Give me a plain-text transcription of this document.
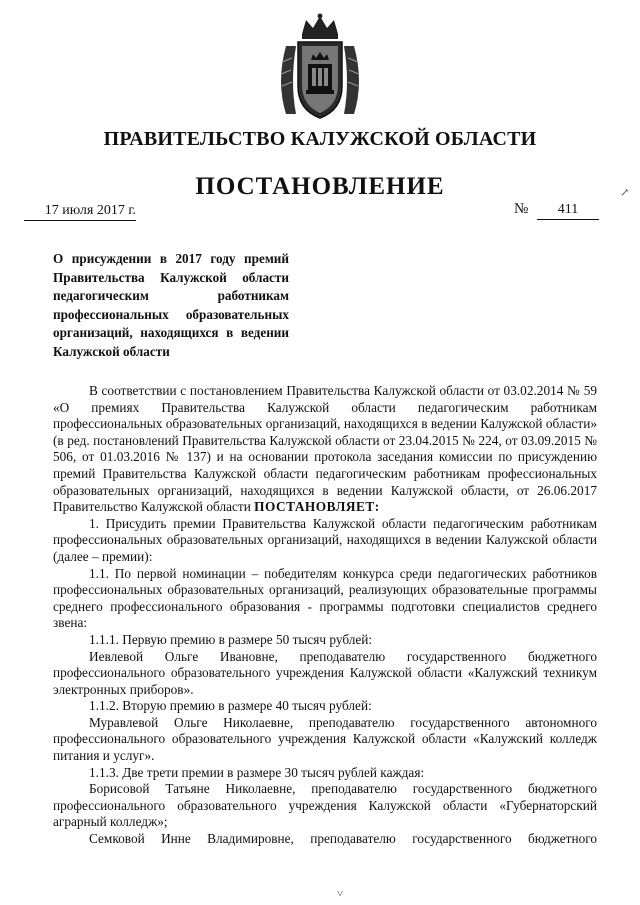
ПРАВИТЕЛЬСТВО КАЛУЖСКОЙ ОБЛАСТИ
ПОСТАНОВЛЕНИЕ
17 июля 2017 г.	№	411
↗
О присуждении в 2017 году премий Правительства Калужской области педагогическим работникам профессиональных образовательных организаций, находящихся в ведении Калужской области

В соответствии с постановлением Правительства Калужской области от 03.02.2014 № 59 «О премиях Правительства Калужской области педагогическим работникам профессиональных образовательных организаций, находящихся в ведении Калужской области» (в ред. постановлений Правительства Калужской области от 23.04.2015 № 224, от 03.09.2015 № 506, от 01.03.2016 № 137) и на основании протокола заседания комиссии по присуждению премий Правительства Калужской области педагогическим работникам профессиональных образовательных организаций, находящихся в ведении Калужской области, от 26.06.2017 Правительство Калужской области ПОСТАНОВЛЯЕТ:

1. Присудить премии Правительства Калужской области педагогическим работникам профессиональных образовательных организаций, находящихся в ведении Калужской области (далее – премии):

1.1. По первой номинации – победителям конкурса среди педагогических работников профессиональных образовательных организаций, реализующих образовательные программы среднего профессионального образования - программы подготовки специалистов среднего звена:

1.1.1. Первую премию в размере 50 тысяч рублей:

Иевлевой Ольге Ивановне, преподавателю государственного бюджетного профессионального образовательного учреждения Калужской области «Калужский техникум электронных приборов».

1.1.2. Вторую премию в размере 40 тысяч рублей:

Муравлевой Ольге Николаевне, преподавателю государственного автономного профессионального образовательного учреждения Калужской области «Калужский колледж питания и услуг».

1.1.3. Две трети премии в размере 30 тысяч рублей каждая:

Борисовой Татьяне Николаевне, преподавателю государственного бюджетного профессионального образовательного учреждения Калужской области «Губернаторский аграрный колледж»;

Семковой Инне Владимировне, преподавателю государственного бюджетного

˅
